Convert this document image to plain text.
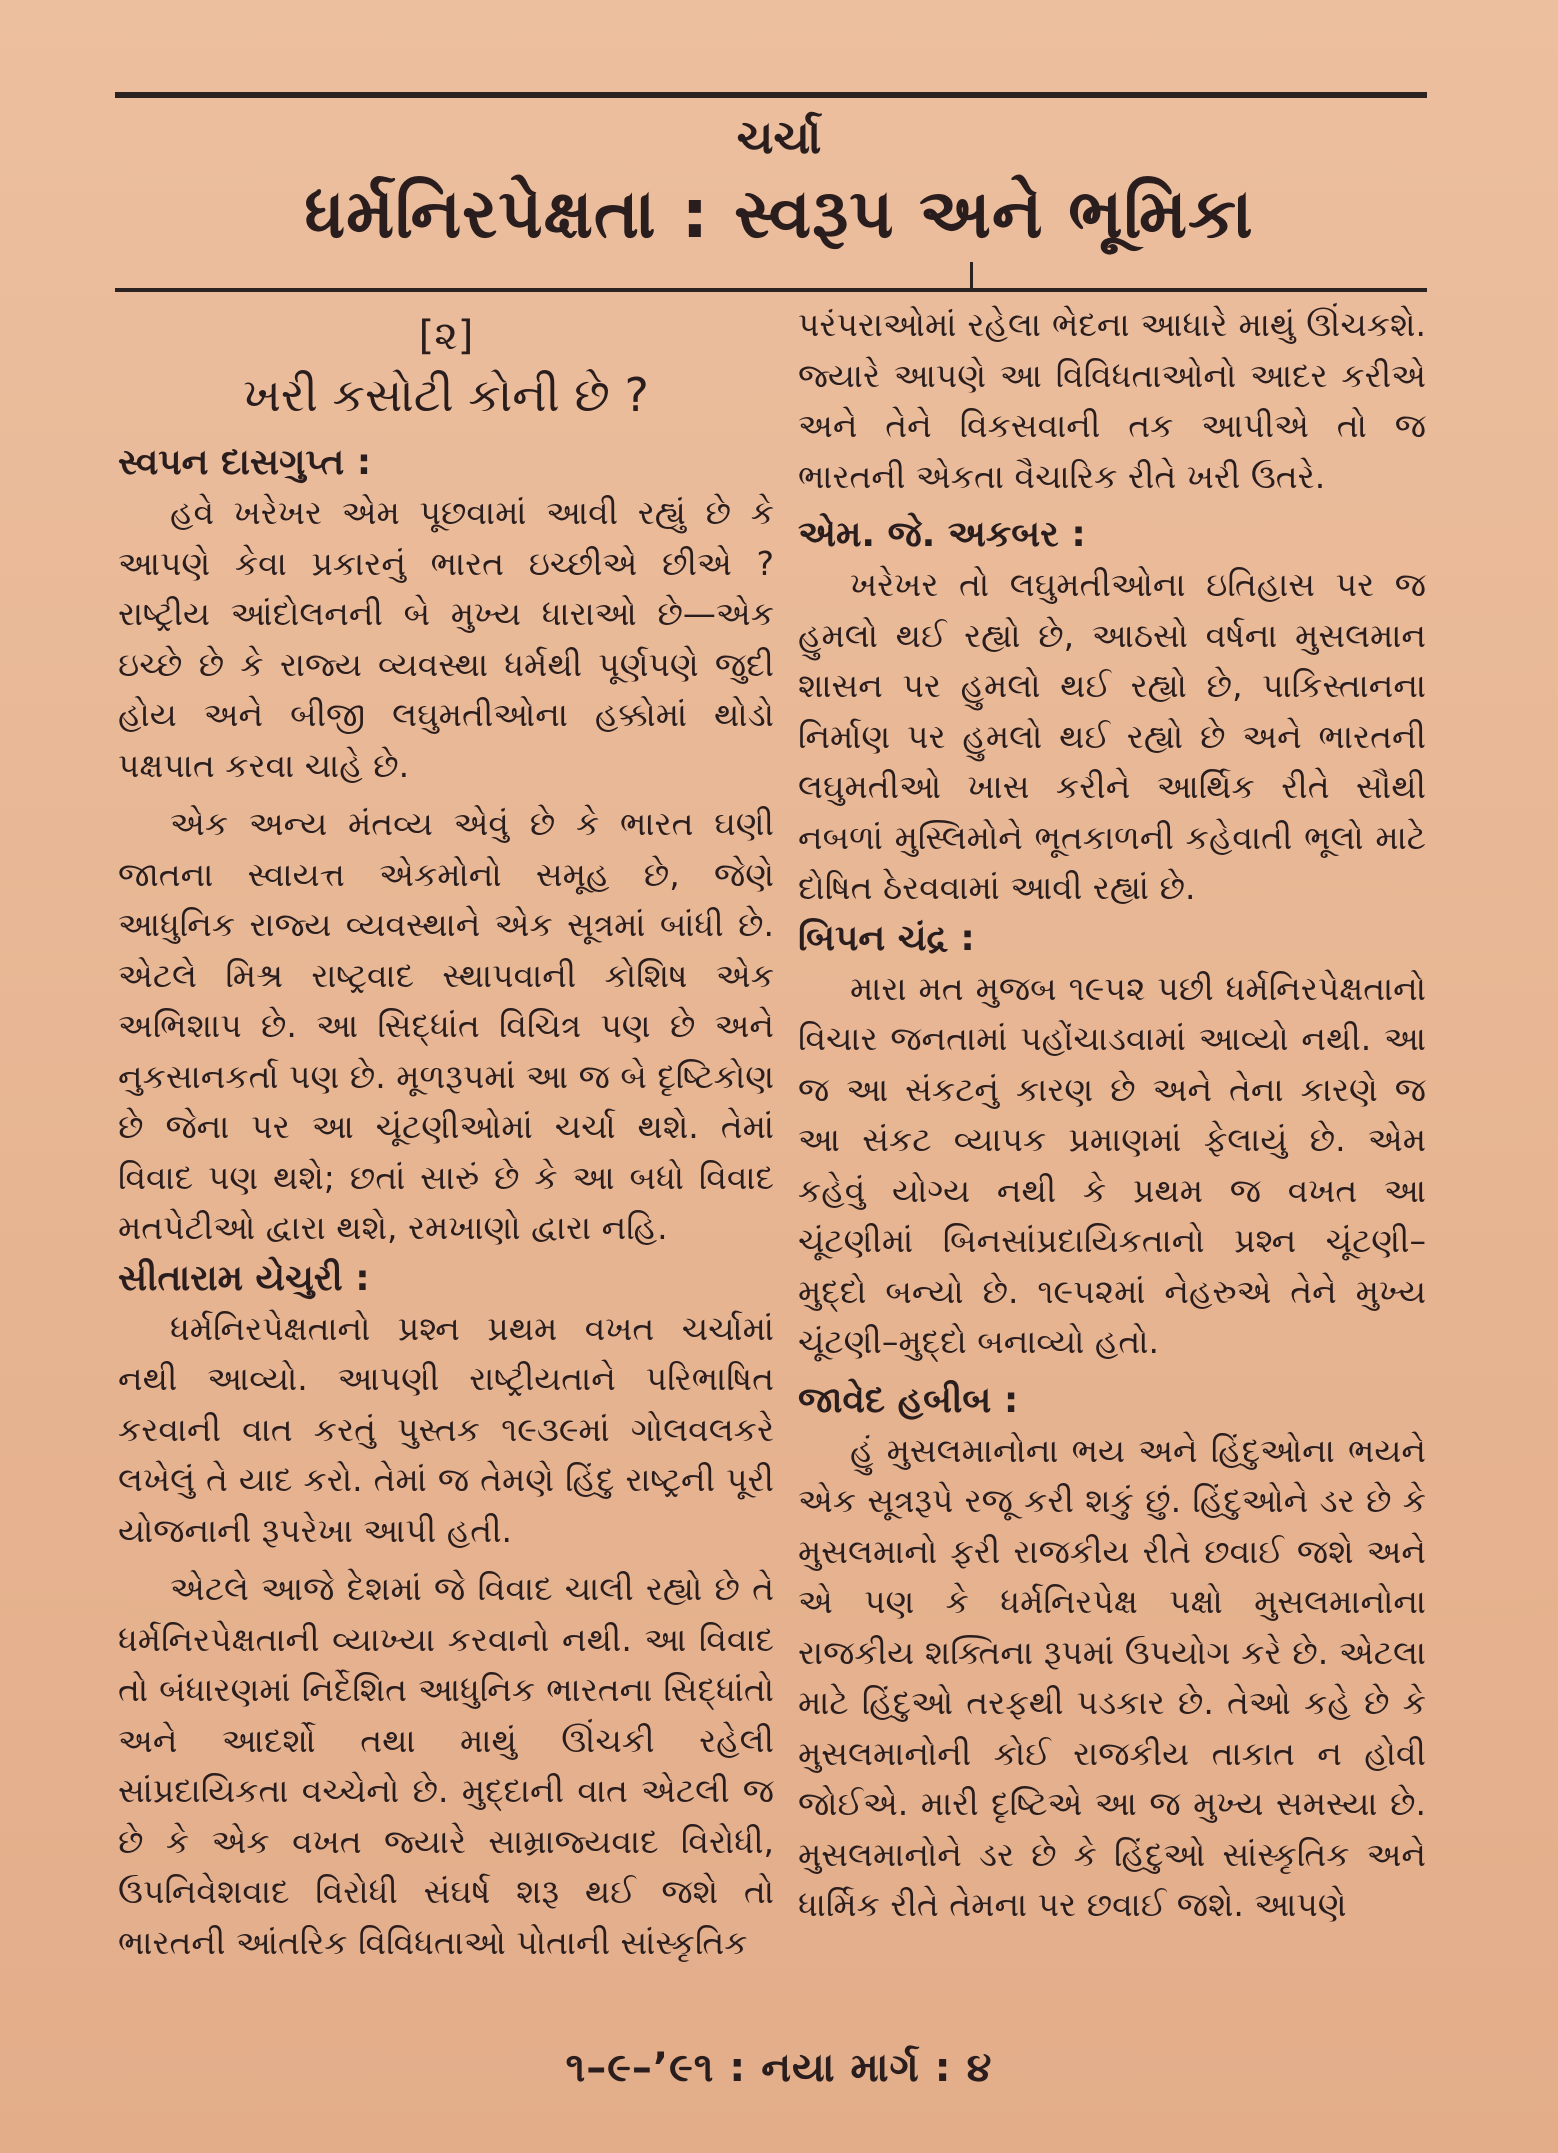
ચર્ચા
ધર્મનિરપેક્ષતા : સ્વરૂપ અને ભૂમિકા

[૨]

ખરી કસોટી કોની છે ?

સ્વપન દાસગુપ્ત :

હવે ખરેખર એમ પૂછવામાં આવી રહ્યું છે કે આપણે કેવા પ્રકારનું ભારત ઇચ્છીએ છીએ ? રાષ્ટ્રીય આંદોલનની બે મુખ્ય ધારાઓ છે—એક ઇચ્છે છે કે રાજ્ય વ્યવસ્થા ધર્મથી પૂર્ણપણે જુદી હોય અને બીજી લઘુમતીઓના હક્કોમાં થોડો પક્ષપાત કરવા ચાહે છે.

એક અન્ય મંતવ્ય એવું છે કે ભારત ઘણી જાતના સ્વાયત્ત એકમોનો સમૂહ છે, જેણે આધુનિક રાજ્ય વ્યવસ્થાને એક સૂત્રમાં બાંધી છે. એટલે મિશ્ર રાષ્ટ્રવાદ સ્થાપવાની કોશિષ એક અભિશાપ છે. આ સિદ્ધાંત વિચિત્ર પણ છે અને નુકસાનકર્તા પણ છે. મૂળરૂપમાં આ જ બે દૃષ્ટિકોણ છે જેના પર આ ચૂંટણીઓમાં ચર્ચા થશે. તેમાં વિવાદ પણ થશે; છતાં સારું છે કે આ બધો વિવાદ મતપેટીઓ દ્વારા થશે, રમખાણો દ્વારા નહિ.

સીતારામ યેચુરી :

ધર્મનિરપેક્ષતાનો પ્રશ્ન પ્રથમ વખત ચર્ચામાં નથી આવ્યો. આપણી રાષ્ટ્રીયતાને પરિભાષિત કરવાની વાત કરતું પુસ્તક ૧૯૩૯માં ગોલવલકરે લખેલું તે યાદ કરો. તેમાં જ તેમણે હિંદુ રાષ્ટ્રની પૂરી યોજનાની રૂપરેખા આપી હતી.

એટલે આજે દેશમાં જે વિવાદ ચાલી રહ્યો છે તે ધર્મનિરપેક્ષતાની વ્યાખ્યા કરવાનો નથી. આ વિવાદ તો બંધારણમાં નિર્દેશિત આધુનિક ભારતના સિદ્ધાંતો અને આદર્શો તથા માથું ઊંચકી રહેલી સાંપ્રદાયિકતા વચ્ચેનો છે. મુદ્દાની વાત એટલી જ છે કે એક વખત જ્યારે સામ્રાજ્યવાદ વિરોધી, ઉપનિવેશવાદ વિરોધી સંઘર્ષ શરૂ થઈ જશે તો ભારતની આંતરિક વિવિધતાઓ પોતાની સાંસ્કૃતિક

પરંપરાઓમાં રહેલા ભેદના આધારે માથું ઊંચકશે. જ્યારે આપણે આ વિવિધતાઓનો આદર કરીએ અને તેને વિકસવાની તક આપીએ તો જ ભારતની એકતા વૈચારિક રીતે ખરી ઉતરે.

એમ. જે. અકબર :

ખરેખર તો લઘુમતીઓના ઇતિહાસ પર જ હુમલો થઈ રહ્યો છે, આઠસો વર્ષના મુસલમાન શાસન પર હુમલો થઈ રહ્યો છે, પાકિસ્તાનના નિર્માણ પર હુમલો થઈ રહ્યો છે અને ભારતની લઘુમતીઓ ખાસ કરીને આર્થિક રીતે સૌથી નબળાં મુસ્લિમોને ભૂતકાળની કહેવાતી ભૂલો માટે દોષિત ઠેરવવામાં આવી રહ્યાં છે.

બિપન ચંદ્ર :

મારા મત મુજબ ૧૯૫૨ પછી ધર્મનિરપેક્ષતાનો વિચાર જનતામાં પહોંચાડવામાં આવ્યો નથી. આ જ આ સંકટનું કારણ છે અને તેના કારણે જ આ સંકટ વ્યાપક પ્રમાણમાં ફેલાયું છે. એમ કહેવું યોગ્ય નથી કે પ્રથમ જ વખત આ ચૂંટણીમાં બિનસાંપ્રદાયિકતાનો પ્રશ્ન ચૂંટણી–મુદ્દો બન્યો છે. ૧૯૫૨માં નેહરુએ તેને મુખ્ય ચૂંટણી–મુદ્દો બનાવ્યો હતો.

જાવેદ હબીબ :

હું મુસલમાનોના ભય અને હિંદુઓના ભયને એક સૂત્રરૂપે રજૂ કરી શકું છું. હિંદુઓને ડર છે કે મુસલમાનો ફરી રાજકીય રીતે છવાઈ જશે અને એ પણ કે ધર્મનિરપેક્ષ પક્ષો મુસલમાનોના રાજકીય શક્તિના રૂપમાં ઉપયોગ કરે છે. એટલા માટે હિંદુઓ તરફથી પડકાર છે. તેઓ કહે છે કે મુસલમાનોની કોઈ રાજકીય તાકાત ન હોવી જોઈએ. મારી દૃષ્ટિએ આ જ મુખ્ય સમસ્યા છે. મુસલમાનોને ડર છે કે હિંદુઓ સાંસ્કૃતિક અને ધાર્મિક રીતે તેમના પર છવાઈ જશે. આપણે

૧–૯–’૯૧ : નયા માર્ગ : ૪
